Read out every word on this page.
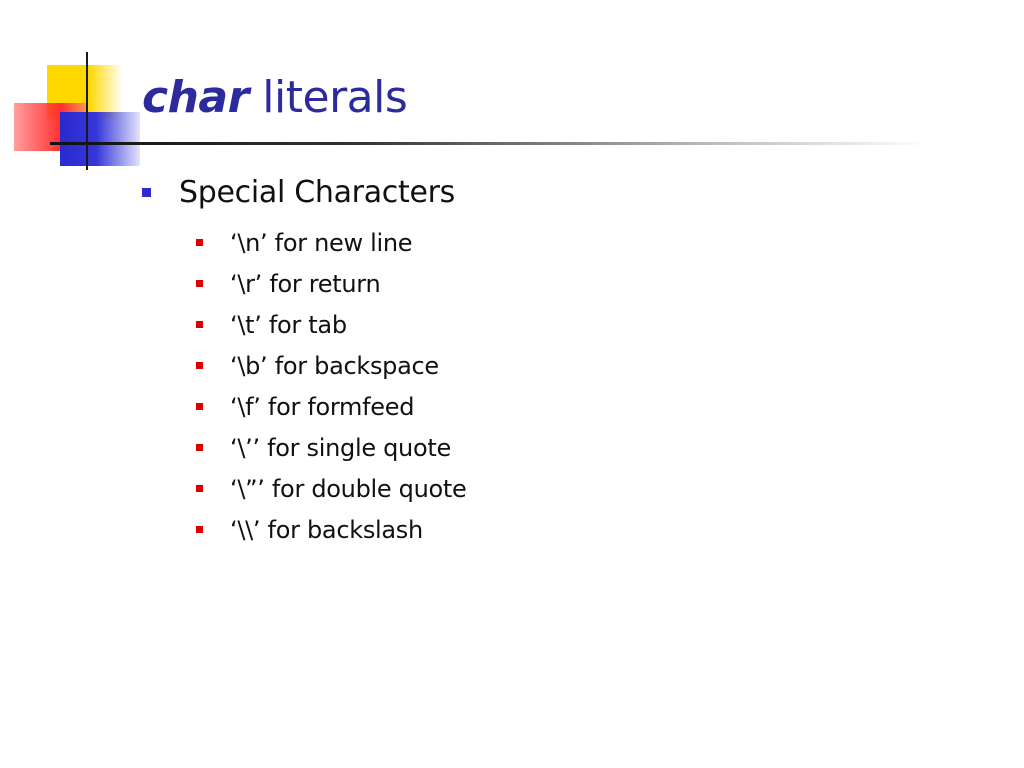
char literals
Special Characters
‘\n’ for new line
‘\r’ for return
‘\t’ for tab
‘\b’ for backspace
‘\f’ for formfeed
‘\’’ for single quote
‘\”’ for double quote
‘\\’ for backslash
